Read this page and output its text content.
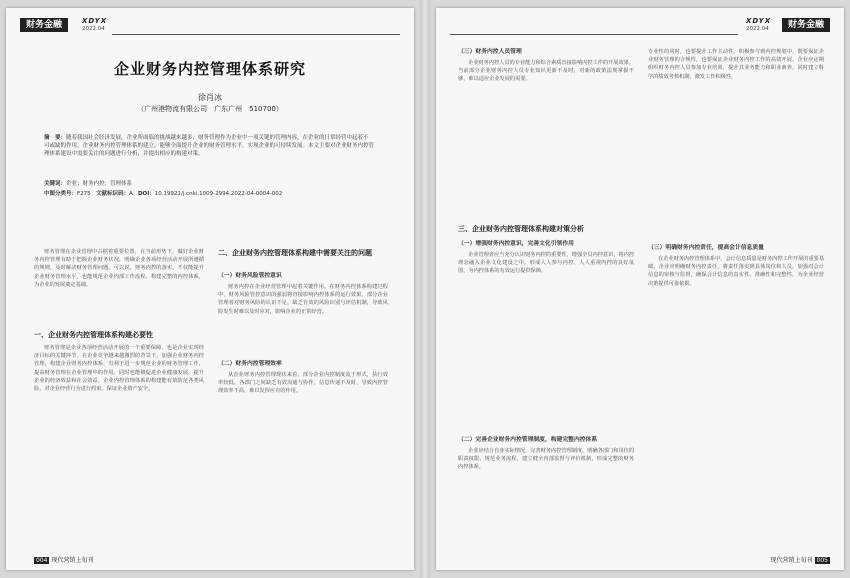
财务金融	XDYX
2022.04
企业财务内控管理体系研究
徐肖冰
（广州港物流有限公司　广东广州　510700）
摘　要：随着我国社会经济发展，企业所面临的挑战越来越多，财务管理作为企业中一项关键的管理内容，在企业的日常经营中起着不可或缺的作用。企业财务内控管理体系的建立，能够全面提升企业的财务管理水平，实现企业的可持续发展。本文主要对企业财务内控管理体系建设中需要关注的问题进行分析，并提出相应的构建对策。
关键词：企业；财务内控；管理体系
中图分类号：F275 文献标识码：A DOI：10.19921/j.cnki.1009-2994.2022-04-0004-002

财务管理在企业管理中占据着重要位置，在当前形势下，做好企业财务内控管理有助于把握企业财务状况，明确企业各项经营活动开展所遵循的规则，及时解决财务管理问题。可以说，财务内控的落实，不仅能提升企业财务管理水平，也能规范企业内部工作流程，构建完整的内控体系，为企业的发展奠定基础。

一、企业财务内控管理体系构建必要性

财务管理是企业各项经营活动开展的一个重要保障，也是企业实现经济目标的关键环节。在企业竞争越来越激烈的背景下，加强企业财务内控管理，构建企业财务内控体系，有利于进一步规范企业的财务管理工作，提高财务管理在企业管理中的作用，同时也能够促进企业健康发展，提升企业的经济效益和社会效益。企业内控管理体系的构建能有效防范各类风险，对企业经营行为进行约束，保证企业资产安全。

二、企业财务内控管理体系构建中需要关注的问题
（一）财务风险管控意识

财务内控在企业经营管理中起着关键作用。在财务内控体系构建过程中，财务风险管控意识的强弱将直接影响内控体系的运行效果。部分企业管理者对财务风险的认识不足，缺乏有效的风险识别与评估机制，导致风险发生时难以及时应对，影响企业的正常经营。

（二）财务内控管理效率

从企业财务内控管理现状来看，部分企业内控制度流于形式，执行效率较低，各部门之间缺乏有效沟通与协作，信息传递不及时，导致内控管理效率不高，难以发挥应有的作用。

004 现代营销上旬刊
XDYX
2022.04	财务金融
（三）财务内控人员管理

企业财务内控人员的专业能力和综合素质直接影响内控工作的开展效果。当前部分企业财务内控人员专业知识更新不及时，对新的政策法规掌握不够，难以适应企业发展的需要。

三、企业财务内控管理体系构建对策分析
（一）增强财务内控意识，完善文化引领作用

企业管理者应当充分认识财务内控的重要性，增强全员内控意识，将内控理念融入企业文化建设之中，形成人人参与内控、人人重视内控的良好氛围，为内控体系的有效运行提供保障。

（二）完善企业财务内控管理制度，构建完整内控体系

企业应结合自身实际情况，完善财务内控管理制度，明确各部门和岗位的职责权限，规范业务流程，建立健全内部监督与评价机制，形成完整的财务内控体系。

专业性的同时，也要提升工作主动性。积极参与到内控规划中，既要保证企业财务管理的合规性，也要保证企业财务内控工作的高效开展。企业应定期组织财务内控人员参加专业培训，提升其业务能力和职业素养，同时建立科学的绩效考核机制，激发工作积极性。

（三）明确财务内控责任，提高会计信息质量

在企业财务内控管理体系中，会计信息质量是财务内控工作开展的重要基础。企业应明确财务内控责任，将责任落实到具体岗位和人员，加强对会计信息的审核与监督，确保会计信息的真实性、准确性和完整性，为企业经营决策提供可靠依据。

现代营销上旬刊 005
